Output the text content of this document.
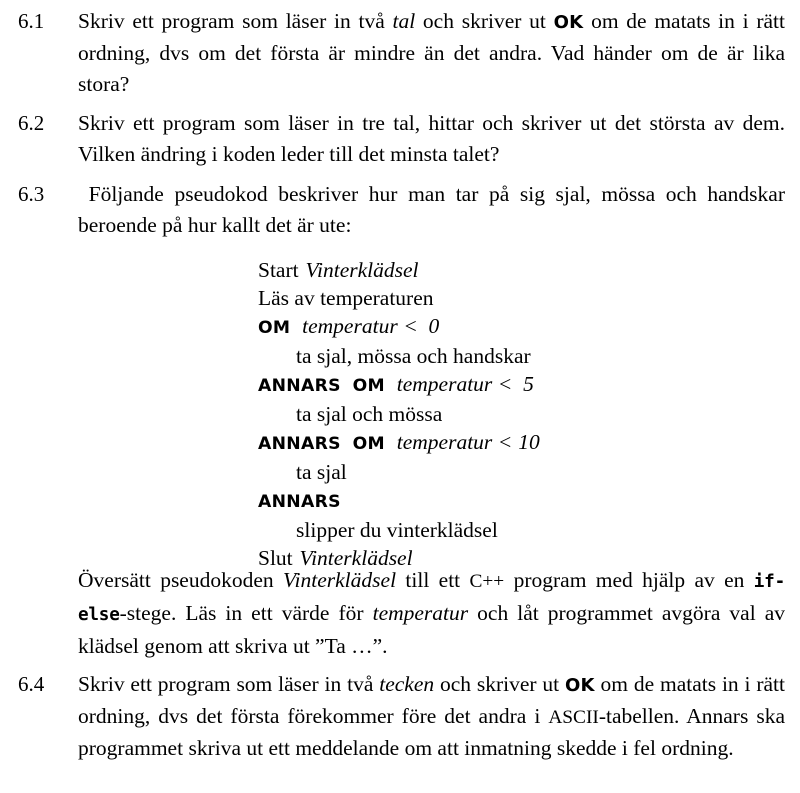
6.1	Skriv ett program som läser in två tal och skriver ut OK om de matats in i rätt ordning, dvs om det första är mindre än det andra. Vad händer om de är lika stora?
6.2	Skriv ett program som läser in tre tal, hittar och skriver ut det största av dem. Vilken ändring i koden leder till det minsta talet?
6.3	Följande pseudokod beskriver hur man tar på sig sjal, mössa och handskar beroende på hur kallt det är ute:
Start Vinterklädsel
Läs av temperaturen
OM temperatur < 0
ta sjal, mössa och handskar
ANNARS OM temperatur < 5
ta sjal och mössa
ANNARS OM temperatur < 10
ta sjal
ANNARS
slipper du vinterklädsel
Slut Vinterklädsel
Översätt pseudokoden Vinterklädsel till ett C++ program med hjälp av en if-else-stege. Läs in ett värde för temperatur och låt programmet avgöra val av klädsel genom att skriva ut ”Ta …”.
6.4	Skriv ett program som läser in två tecken och skriver ut OK om de matats in i rätt ordning, dvs det första förekommer före det andra i ASCII-tabellen. Annars ska programmet skriva ut ett meddelande om att inmatning skedde i fel ordning.
